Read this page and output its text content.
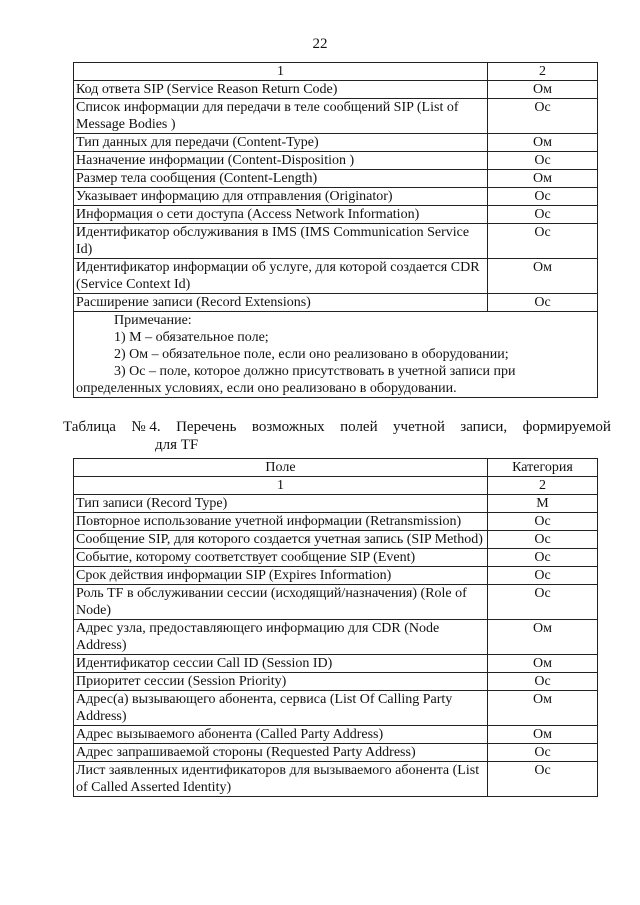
22
1	2
Код ответа SIP (Service Reason Return Code)	Ом
Список информации для передачи в теле сообщений SIP (List of Message Bodies )	Ос
Тип данных для передачи (Content-Type)	Ом
Назначение информации (Content-Disposition )	Ос
Размер тела сообщения (Content-Length)	Ом
Указывает информацию для отправления (Originator)	Ос
Информация о сети доступа (Access Network Information)	Ос
Идентификатор обслуживания в IMS (IMS Communication Service Id)	Ос
Идентификатор информации об услуге, для которой создается CDR (Service Context Id)	Ом
Расширение записи (Record Extensions)	Ос

Примечание:
1) М – обязательное поле;
2) Ом – обязательное поле, если оно реализовано в оборудовании;
3) Ос – поле, которое должно присутствовать в учетной записи при
определенных условиях, если оно реализовано в оборудовании.	
Таблица № 4. Перечень возможных полей учетной записи, формируемой
для TF
Поле	Категория
1	2
Тип записи (Record Type)	М
Повторное использование учетной информации (Retransmission)	Ос
Сообщение SIP, для которого создается учетная запись (SIP Method)	Ос
Событие, которому соответствует сообщение SIP (Event)	Ос
Срок действия информации SIP (Expires Information)	Ос
Роль TF в обслуживании сессии (исходящий/назначения) (Role of Node)	Ос
Адрес узла, предоставляющего информацию для CDR (Node Address)	Ом
Идентификатор сессии Call ID (Session ID)	Ом
Приоритет сессии (Session Priority)	Ос
Адрес(а) вызывающего абонента, сервиса (List Of Calling Party Address)	Ом
Адрес вызываемого абонента (Called Party Address)	Ом
Адрес запрашиваемой стороны (Requested Party Address)	Ос
Лист заявленных идентификаторов для вызываемого абонента (List of Called Asserted Identity)	Ос
